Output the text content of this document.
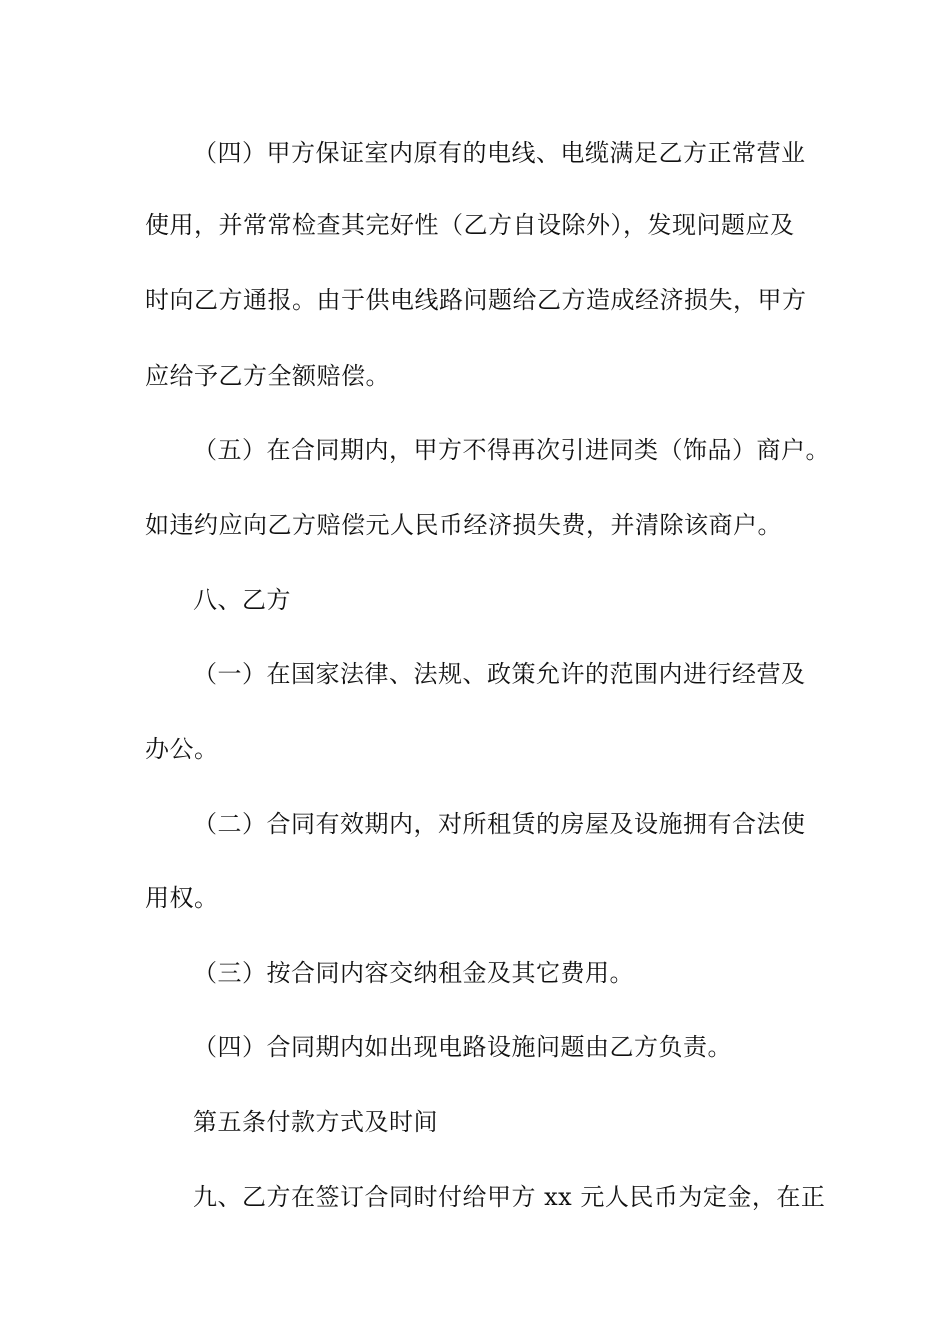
（四）甲方保证室内原有的电线、电缆满足乙方正常营业
使用，并常常检查其完好性（乙方自设除外），发现问题应及
时向乙方通报。由于供电线路问题给乙方造成经济损失，甲方
应给予乙方全额赔偿。
（五）在合同期内，甲方不得再次引进同类（饰品）商户。
如违约应向乙方赔偿元人民币经济损失费，并清除该商户。
八、乙方
（一）在国家法律、法规、政策允许的范围内进行经营及
办公。
（二）合同有效期内，对所租赁的房屋及设施拥有合法使
用权。
（三）按合同内容交纳租金及其它费用。
（四）合同期内如出现电路设施问题由乙方负责。
第五条付款方式及时间
九、乙方在签订合同时付给甲方 xx 元人民币为定金，在正
